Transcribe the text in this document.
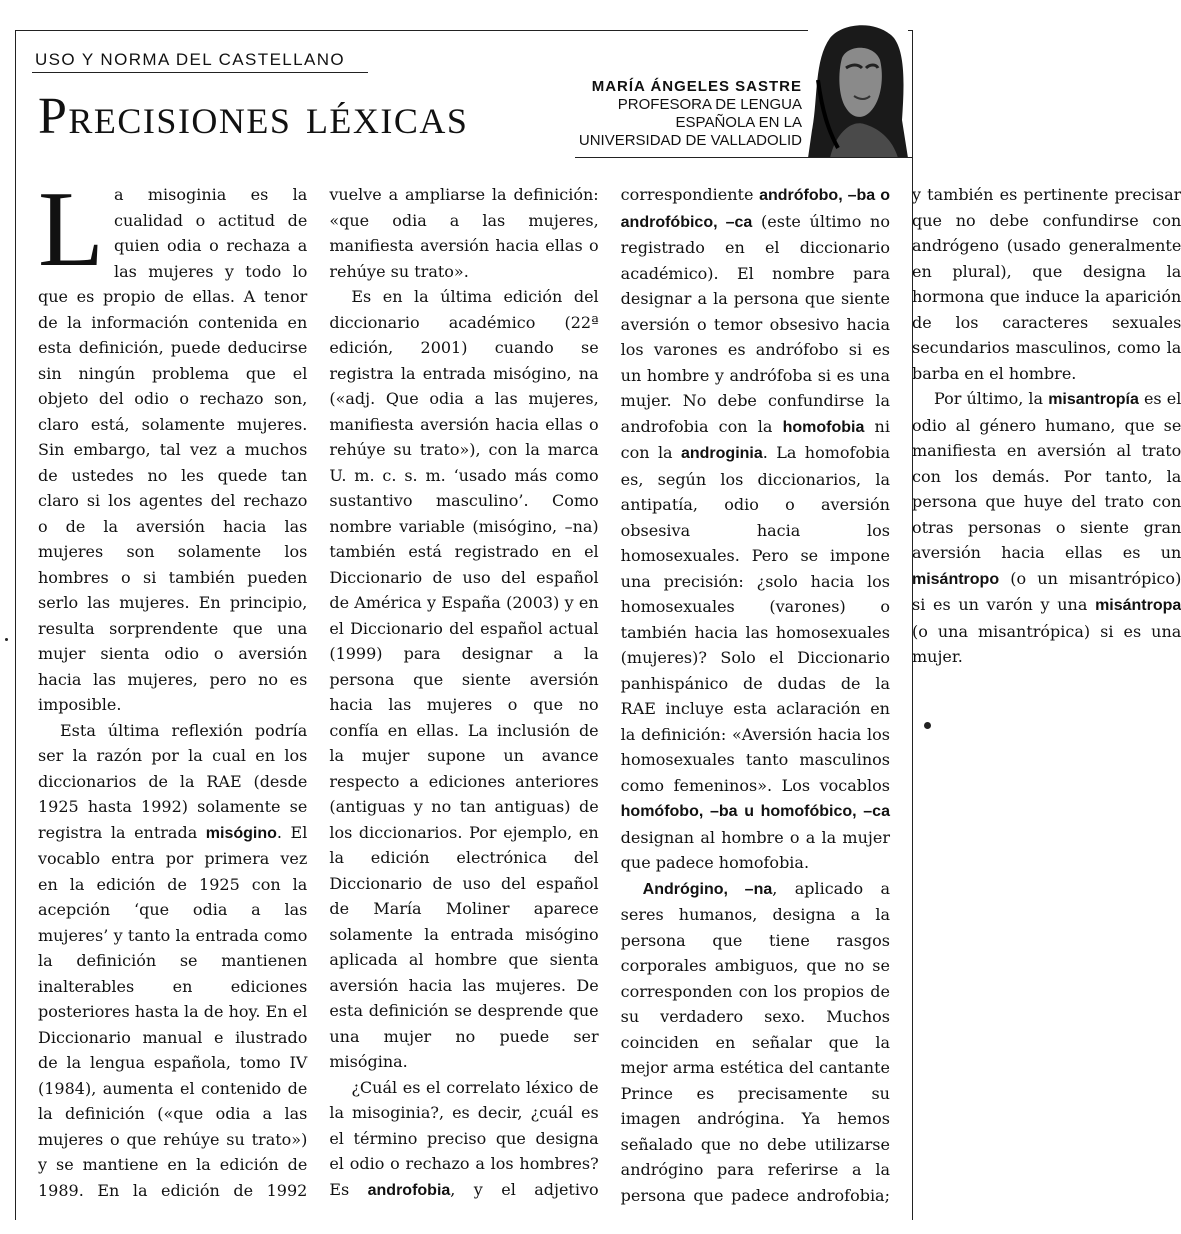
USO Y NORMA DEL CASTELLANO
Precisiones léxicas
MARÍA ÁNGELES SASTRE
PROFESORA DE LENGUA
ESPAÑOLA EN LA
UNIVERSIDAD DE VALLADOLID

La misoginia es la cualidad o actitud de quien odia o rechaza a las mujeres y todo lo que es propio de ellas. A tenor de la información contenida en esta definición, puede deducirse sin ningún problema que el objeto del odio o rechazo son, claro está, solamente mujeres. Sin embargo, tal vez a muchos de ustedes no les quede tan claro si los agentes del rechazo o de la aversión hacia las mujeres son solamente los hombres o si también pueden serlo las mujeres. En principio, resulta sorprendente que una mujer sienta odio o aversión hacia las mujeres, pero no es imposible.

Esta última reflexión podría ser la razón por la cual en los diccionarios de la RAE (desde 1925 hasta 1992) solamente se registra la entrada misógino. El vocablo entra por primera vez en la edición de 1925 con la acepción ‘que odia a las mujeres’ y tanto la entrada como la definición se mantienen inalterables en ediciones posteriores hasta la de hoy. En el Diccionario manual e ilustrado de la lengua española, tomo IV (1984), aumenta el contenido de la definición («que odia a las mujeres o que rehúye su trato») y se mantiene en la edición de 1989. En la edición de 1992 vuelve a ampliarse la definición: «que odia a las mujeres, manifiesta aversión hacia ellas o rehúye su trato».

Es en la última edición del diccionario académico (22ª edición, 2001) cuando se registra la entrada misógino, na («adj. Que odia a las mujeres, manifiesta aversión hacia ellas o rehúye su trato»), con la marca U. m. c. s. m. ‘usado más como sustantivo masculino’. Como nombre variable (misógino, –na) también está registrado en el Diccionario de uso del español de América y España (2003) y en el Diccionario del español actual (1999) para designar a la persona que siente aversión hacia las mujeres o que no confía en ellas. La inclusión de la mujer supone un avance respecto a ediciones anteriores (antiguas y no tan antiguas) de los diccionarios. Por ejemplo, en la edición electrónica del Diccionario de uso del español de María Moliner aparece solamente la entrada misógino aplicada al hombre que sienta aversión hacia las mujeres. De esta definición se desprende que una mujer no puede ser misógina.

¿Cuál es el correlato léxico de la misoginia?, es decir, ¿cuál es el término preciso que designa el odio o rechazo a los hombres? Es androfobia, y el adjetivo correspondiente andrófobo, –ba o androfóbico, –ca (este último no registrado en el diccionario académico). El nombre para designar a la persona que siente aversión o temor obsesivo hacia los varones es andrófobo si es un hombre y andrófoba si es una mujer. No debe confundirse la androfobia con la homofobia ni con la androginia. La homofobia es, según los diccionarios, la antipatía, odio o aversión obsesiva hacia los homosexuales. Pero se impone una precisión: ¿solo hacia los homosexuales (varones) o también hacia las homosexuales (mujeres)? Solo el Diccionario panhispánico de dudas de la RAE incluye esta aclaración en la definición: «Aversión hacia los homosexuales tanto masculinos como femeninos». Los vocablos homófobo, –ba u homofóbico, –ca designan al hombre o a la mujer que padece homofobia.

Andrógino, –na, aplicado a seres humanos, designa a la persona que tiene rasgos corporales ambiguos, que no se corresponden con los propios de su verdadero sexo. Muchos coinciden en señalar que la mejor arma estética del cantante Prince es precisamente su imagen andrógina. Ya hemos señalado que no debe utilizarse andrógino para referirse a la persona que padece androfobia; y también es pertinente precisar que no debe confundirse con andrógeno (usado generalmente en plural), que designa la hormona que induce la aparición de los caracteres sexuales secundarios masculinos, como la barba en el hombre.

Por último, la misantropía es el odio al género humano, que se manifiesta en aversión al trato con los demás. Por tanto, la persona que huye del trato con otras personas o siente gran aversión hacia ellas es un misántropo (o un misantrópico) si es un varón y una misántropa (o una misantrópica) si es una mujer.
